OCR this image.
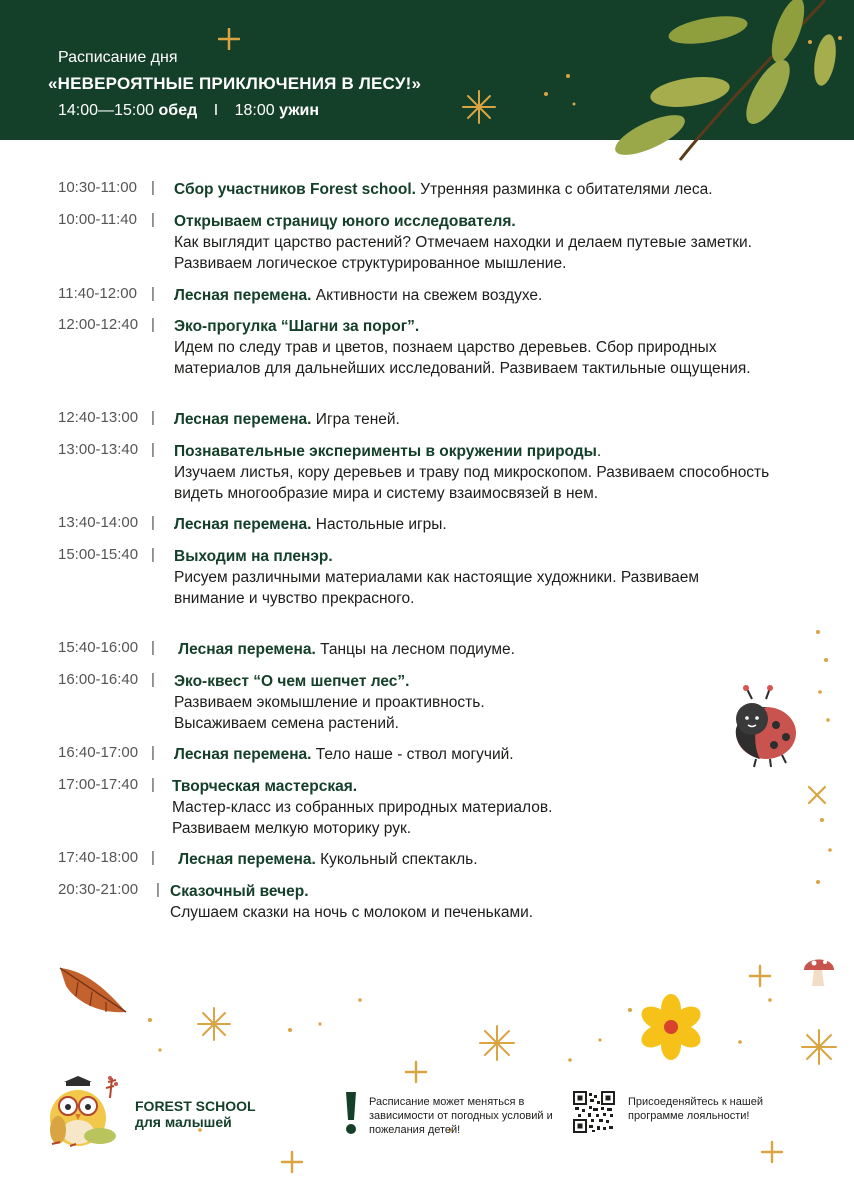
Расписание дня
«НЕВЕРОЯТНЫЕ ПРИКЛЮЧЕНИЯ В ЛЕСУ!»
14:00—15:00 обед I 18:00 ужин
10:30-11:00 | Сбор участников Forest school. Утренняя разминка с обитателями леса.
10:00-11:40 | Открываем страницу юного исследователя.
Как выглядит царство растений? Отмечаем находки и делаем путевые заметки. Развиваем логическое структурированное мышление.
11:40-12:00 | Лесная перемена. Активности на свежем воздухе.
12:00-12:40 | Эко-прогулка “Шагни за порог”.
Идем по следу трав и цветов, познаем царство деревьев. Сбор природных материалов для дальнейших исследований. Развиваем тактильные ощущения.
12:40-13:00 | Лесная перемена. Игра теней.
13:00-13:40 | Познавательные эксперименты в окружении природы.
Изучаем листья, кору деревьев и траву под микроскопом. Развиваем способность видеть многообразие мира и систему взаимосвязей в нем.
13:40-14:00 | Лесная перемена. Настольные игры.
15:00-15:40 | Выходим на пленэр.
Рисуем различными материалами как настоящие художники. Развиваем внимание и чувство прекрасного.
15:40-16:00 | Лесная перемена. Танцы на лесном подиуме.
16:00-16:40 | Эко-квест “О чем шепчет лес”.
Развиваем экомышление и проактивность.
Высаживаем семена растений.
16:40-17:00 | Лесная перемена. Тело наше - ствол могучий.
17:00-17:40 | Творческая мастерская.
Мастер-класс из собранных природных материалов.
Развиваем мелкую моторику рук.
17:40-18:00 | Лесная перемена. Кукольный спектакль.
20:30-21:00 | Сказочный вечер.
Слушаем сказки на ночь с молоком и печеньками.
FOREST SCHOOL
для малышей
Расписание может меняться в зависимости от погодных условий и пожелания детей!
Присоеденяйтесь к нашей программе лояльности!
